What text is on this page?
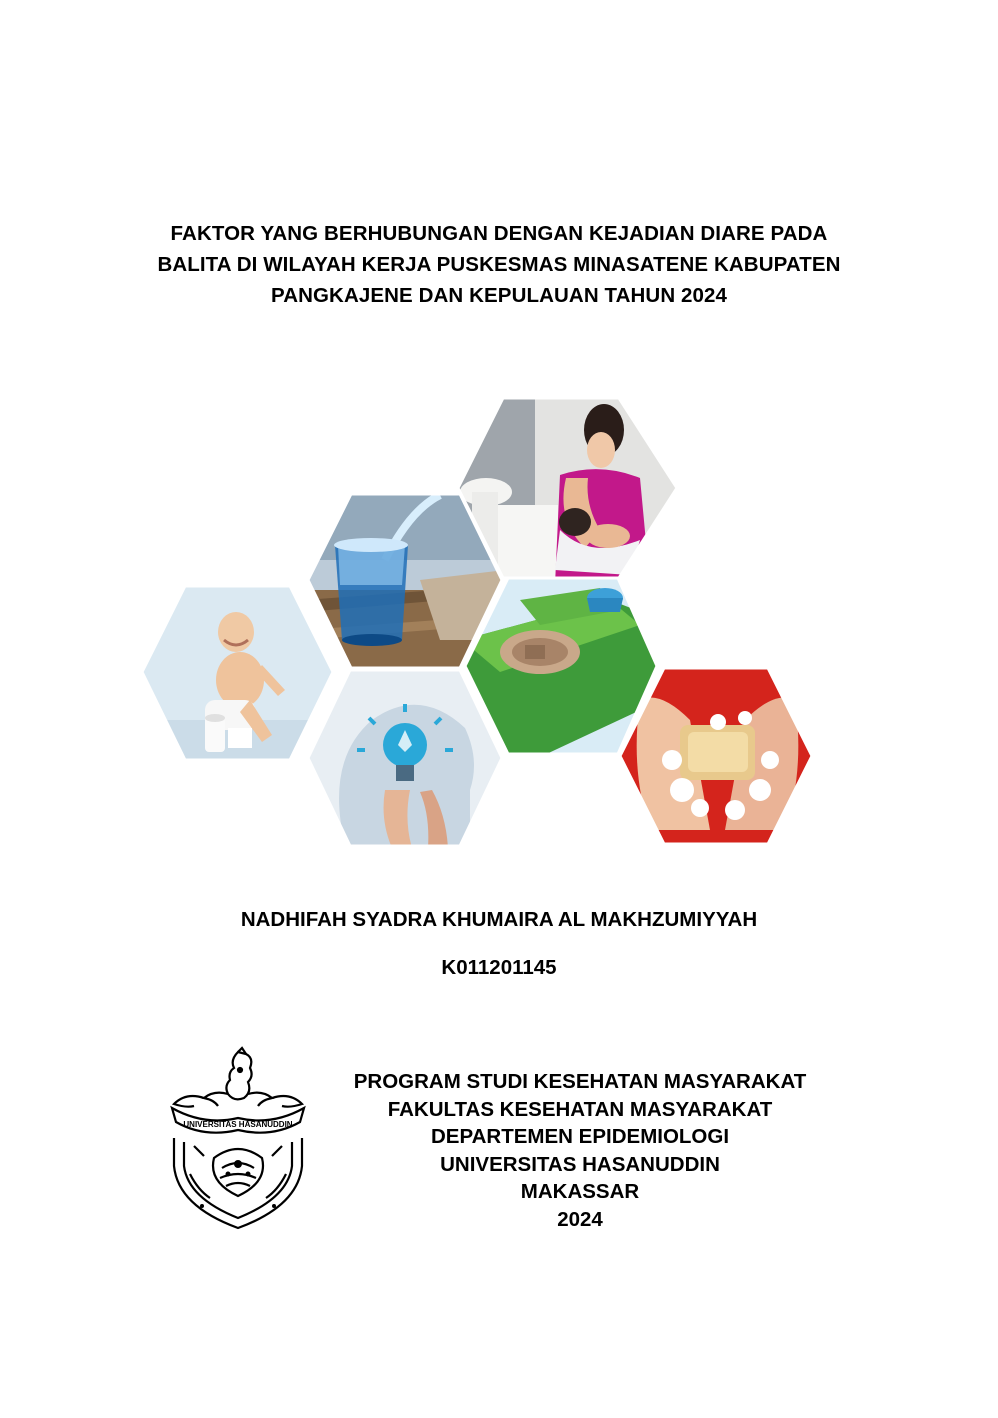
FAKTOR YANG BERHUBUNGAN DENGAN KEJADIAN DIARE PADA
BALITA DI WILAYAH KERJA PUSKESMAS MINASATENE KABUPATEN
PANGKAJENE DAN KEPULAUAN TAHUN 2024
NADHIFAH SYADRA KHUMAIRA AL MAKHZUMIYYAH
K011201145
UNIVERSITAS HASANUDDIN
PROGRAM STUDI KESEHATAN MASYARAKAT
FAKULTAS KESEHATAN MASYARAKAT
DEPARTEMEN EPIDEMIOLOGI
UNIVERSITAS HASANUDDIN
MAKASSAR
2024
